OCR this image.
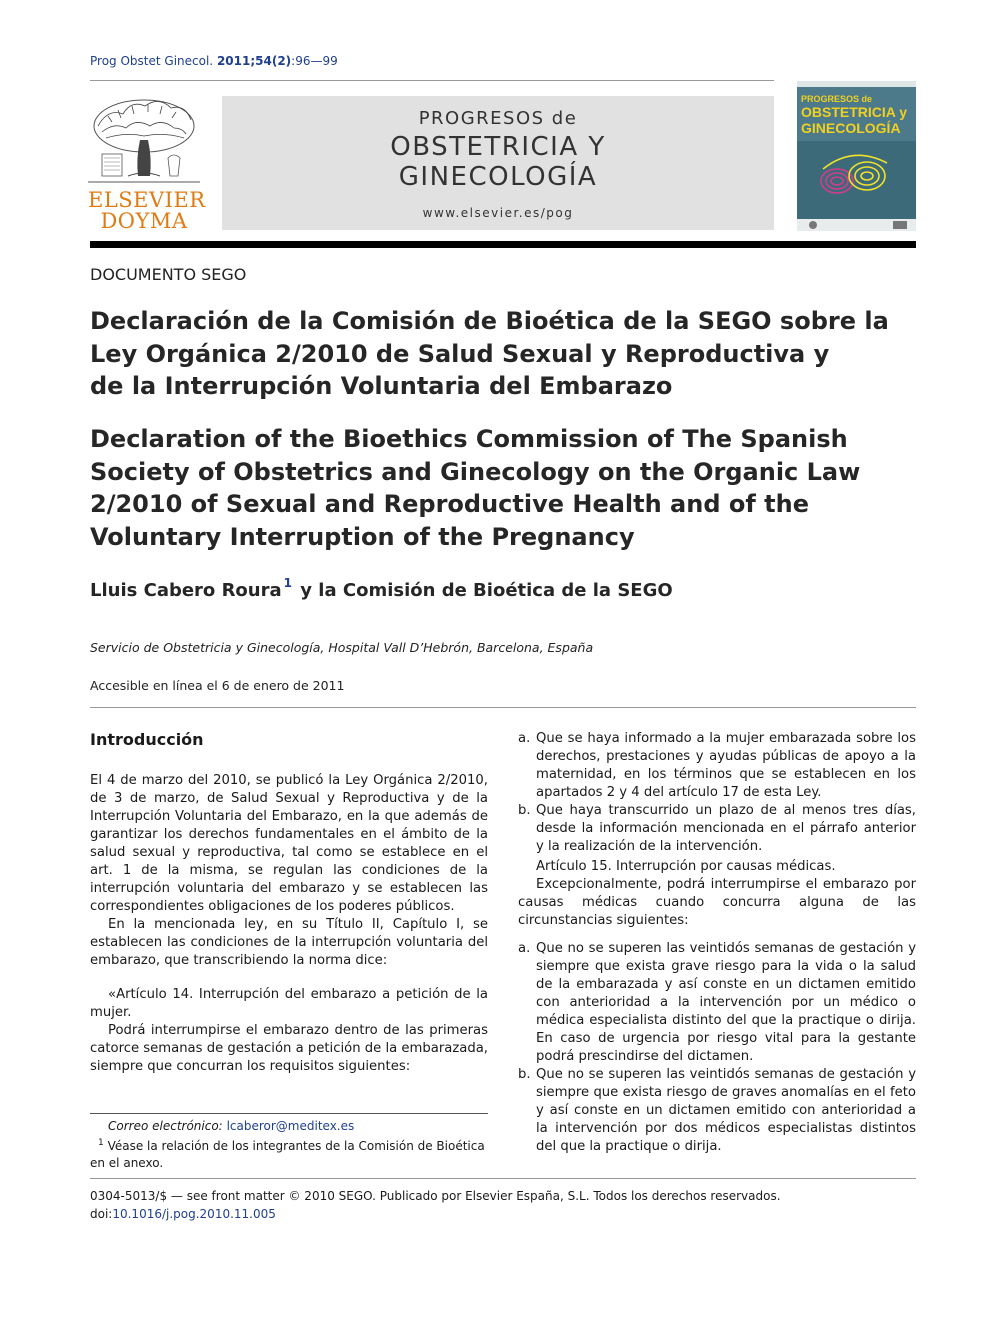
Prog Obstet Ginecol. 2011;54(2):96—99
ELSEVIER
DOYMA
PROGRESOS de
OBSTETRICIA Y
GINECOLOGÍA
www.elsevier.es/pog
PROGRESOS de
OBSTETRICIA y
GINECOLOGÍA
DOCUMENTO SEGO
Declaración de la Comisión de Bioética de la SEGO sobre la
Ley Orgánica 2/2010 de Salud Sexual y Reproductiva y
de la Interrupción Voluntaria del Embarazo
Declaration of the Bioethics Commission of The Spanish
Society of Obstetrics and Ginecology on the Organic Law
2/2010 of Sexual and Reproductive Health and of the
Voluntary Interruption of the Pregnancy
Lluis Cabero Roura $^1$ y la Comisión de Bioética de la SEGO
Servicio de Obstetricia y Ginecología, Hospital Vall D’Hebrón, Barcelona, España
Accesible en línea el 6 de enero de 2011
Introducción

El 4 de marzo del 2010, se publicó la Ley Orgánica 2/2010, de 3 de marzo, de Salud Sexual y Reproductiva y de la Interrupción Voluntaria del Embarazo, en la que además de garantizar los derechos fundamentales en el ámbito de la salud sexual y reproductiva, tal como se establece en el art. 1 de la misma, se regulan las condiciones de la interrupción voluntaria del embarazo y se establecen las correspondientes obligaciones de los poderes públicos.

En la mencionada ley, en su Título II, Capítulo I, se establecen las condiciones de la interrupción voluntaria del embarazo, que transcribiendo la norma dice:

«Artículo 14. Interrupción del embarazo a petición de la mujer.

Podrá interrumpirse el embarazo dentro de las primeras catorce semanas de gestación a petición de la embarazada, siempre que concurran los requisitos siguientes:

Correo electrónico: lcaberor@meditex.es
$^1$ Véase la relación de los integrantes de la Comisión de Bioética en el anexo.
a. Que se haya informado a la mujer embarazada sobre los derechos, prestaciones y ayudas públicas de apoyo a la maternidad, en los términos que se establecen en los apartados 2 y 4 del artículo 17 de esta Ley.
b. Que haya transcurrido un plazo de al menos tres días, desde la información mencionada en el párrafo anterior y la realización de la intervención.

Artículo 15. Interrupción por causas médicas.

Excepcionalmente, podrá interrumpirse el embarazo por causas médicas cuando concurra alguna de las circunstancias siguientes:

a. Que no se superen las veintidós semanas de gestación y siempre que exista grave riesgo para la vida o la salud de la embarazada y así conste en un dictamen emitido con anterioridad a la intervención por un médico o médica especialista distinto del que la practique o dirija. En caso de urgencia por riesgo vital para la gestante podrá prescindirse del dictamen.
b. Que no se superen las veintidós semanas de gestación y siempre que exista riesgo de graves anomalías en el feto y así conste en un dictamen emitido con anterioridad a la intervención por dos médicos especialistas distintos del que la practique o dirija.
0304-5013/$ — see front matter © 2010 SEGO. Publicado por Elsevier España, S.L. Todos los derechos reservados.
doi:10.1016/j.pog.2010.11.005
